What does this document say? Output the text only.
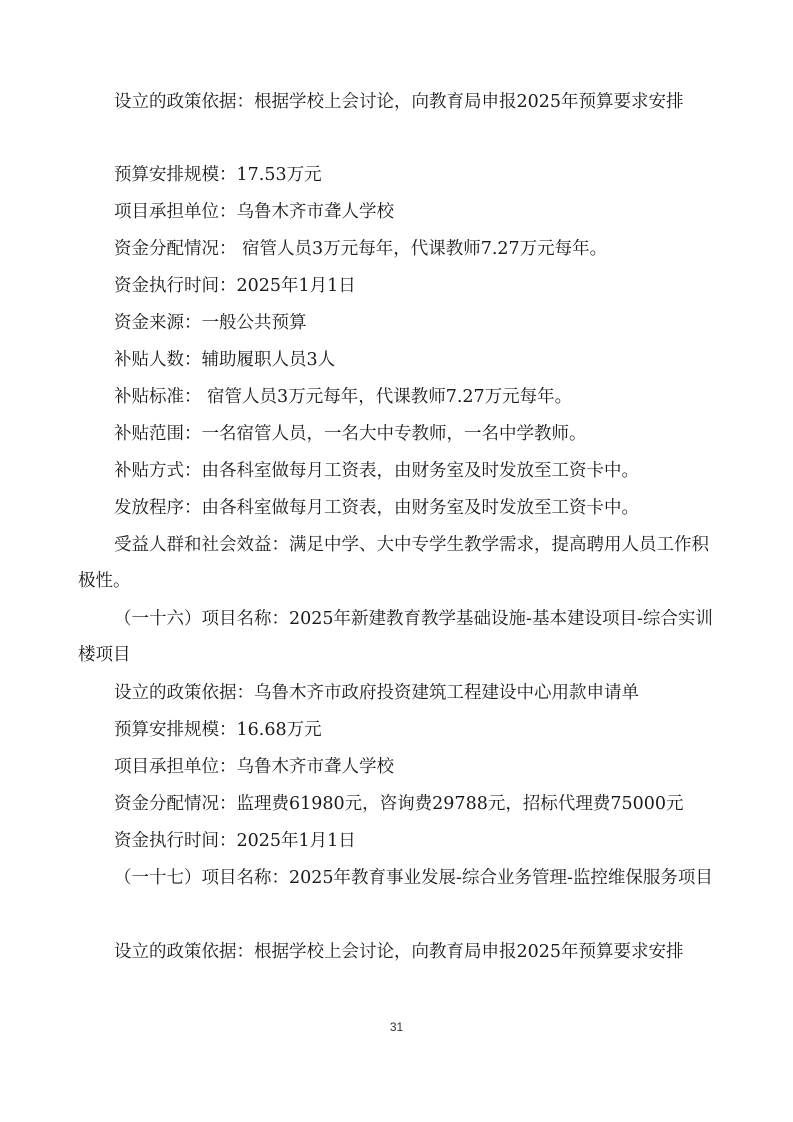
设立的政策依据：根据学校上会讨论，向教育局申报2025年预算要求安排

预算安排规模：17.53万元

项目承担单位：乌鲁木齐市聋人学校

资金分配情况： 宿管人员3万元每年，代课教师7.27万元每年。

资金执行时间：2025年1月1日

资金来源：一般公共预算

补贴人数：辅助履职人员3人

补贴标准： 宿管人员3万元每年，代课教师7.27万元每年。

补贴范围：一名宿管人员，一名大中专教师，一名中学教师。

补贴方式：由各科室做每月工资表，由财务室及时发放至工资卡中。

发放程序：由各科室做每月工资表，由财务室及时发放至工资卡中。

受益人群和社会效益：满足中学、大中专学生教学需求，提高聘用人员工作积极性。

（一十六）项目名称：2025年新建教育教学基础设施-基本建设项目-综合实训楼项目

设立的政策依据：乌鲁木齐市政府投资建筑工程建设中心用款申请单

预算安排规模：16.68万元

项目承担单位：乌鲁木齐市聋人学校

资金分配情况：监理费61980元，咨询费29788元，招标代理费75000元

资金执行时间：2025年1月1日

（一十七）项目名称：2025年教育事业发展-综合业务管理-监控维保服务项目

设立的政策依据：根据学校上会讨论，向教育局申报2025年预算要求安排

31
